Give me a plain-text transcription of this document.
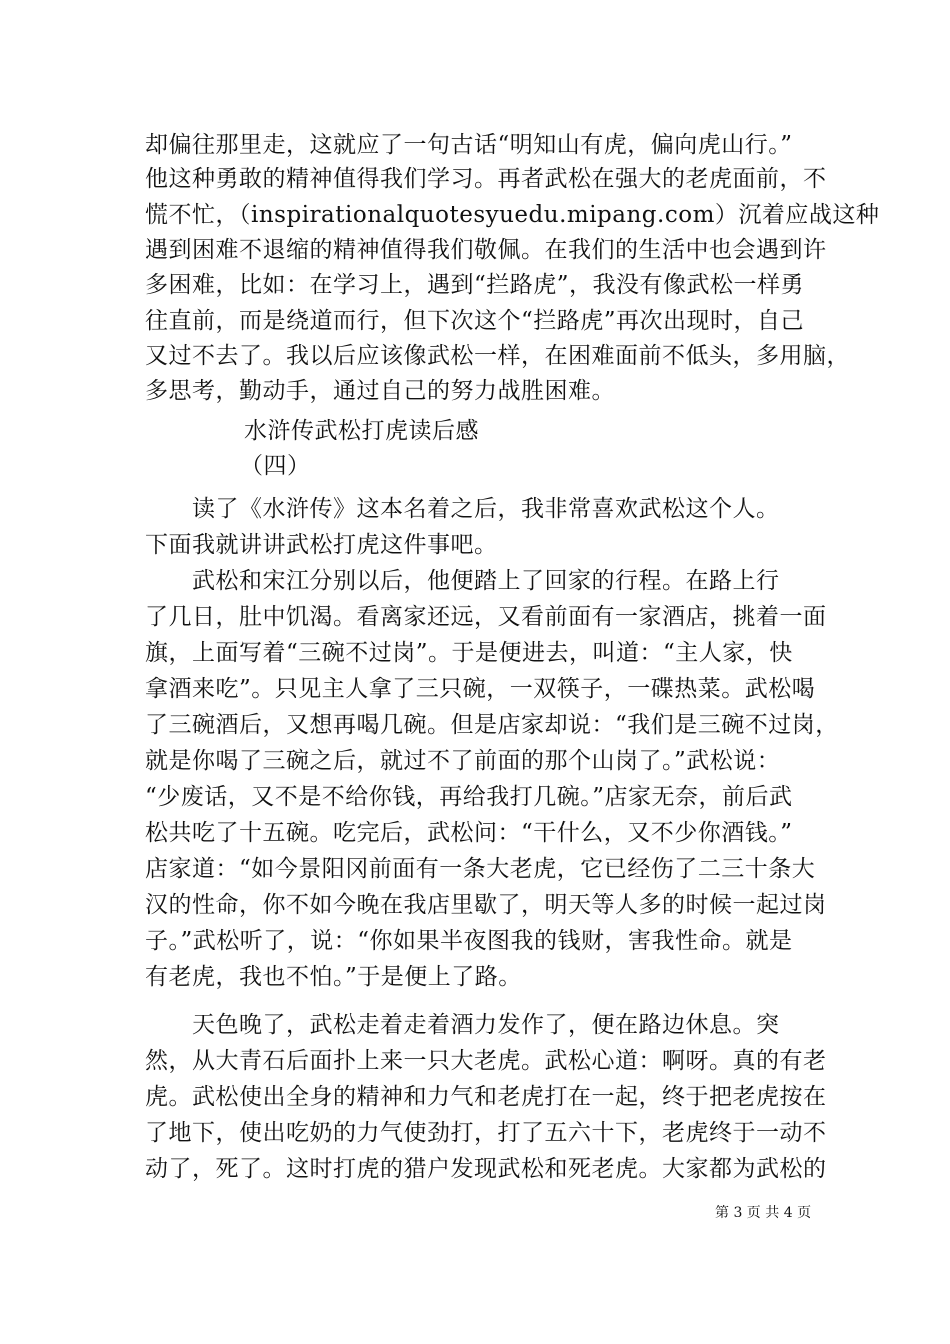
却偏往那里走，这就应了一句古话“明知山有虎，偏向虎山行。”
他这种勇敢的精神值得我们学习。再者武松在强大的老虎面前，不
慌不忙，（inspirationalquotesyuedu.mipang.com）沉着应战这种
遇到困难不退缩的精神值得我们敬佩。在我们的生活中也会遇到许
多困难，比如：在学习上，遇到“拦路虎”，我没有像武松一样勇
往直前，而是绕道而行，但下次这个“拦路虎”再次出现时，自己
又过不去了。我以后应该像武松一样，在困难面前不低头，多用脑，
多思考，勤动手，通过自己的努力战胜困难。
水浒传武松打虎读后感
（四）
　　读了《水浒传》这本名着之后，我非常喜欢武松这个人。
下面我就讲讲武松打虎这件事吧。
　　武松和宋江分别以后，他便踏上了回家的行程。在路上行
了几日，肚中饥渴。看离家还远，又看前面有一家酒店，挑着一面
旗，上面写着“三碗不过岗”。于是便进去，叫道：“主人家，快
拿酒来吃”。只见主人拿了三只碗，一双筷子，一碟热菜。武松喝
了三碗酒后，又想再喝几碗。但是店家却说：“我们是三碗不过岗，
就是你喝了三碗之后，就过不了前面的那个山岗了。”武松说：
“少废话，又不是不给你钱，再给我打几碗。”店家无奈，前后武
松共吃了十五碗。吃完后，武松问：“干什么，又不少你酒钱。”
店家道：“如今景阳冈前面有一条大老虎，它已经伤了二三十条大
汉的性命，你不如今晚在我店里歇了，明天等人多的时候一起过岗
子。”武松听了，说：“你如果半夜图我的钱财，害我性命。就是
有老虎，我也不怕。”于是便上了路。
　　天色晚了，武松走着走着酒力发作了，便在路边休息。突
然，从大青石后面扑上来一只大老虎。武松心道：啊呀。真的有老
虎。武松使出全身的精神和力气和老虎打在一起，终于把老虎按在
了地下，使出吃奶的力气使劲打，打了五六十下，老虎终于一动不
动了，死了。这时打虎的猎户发现武松和死老虎。大家都为武松的
第 3 页 共 4 页
